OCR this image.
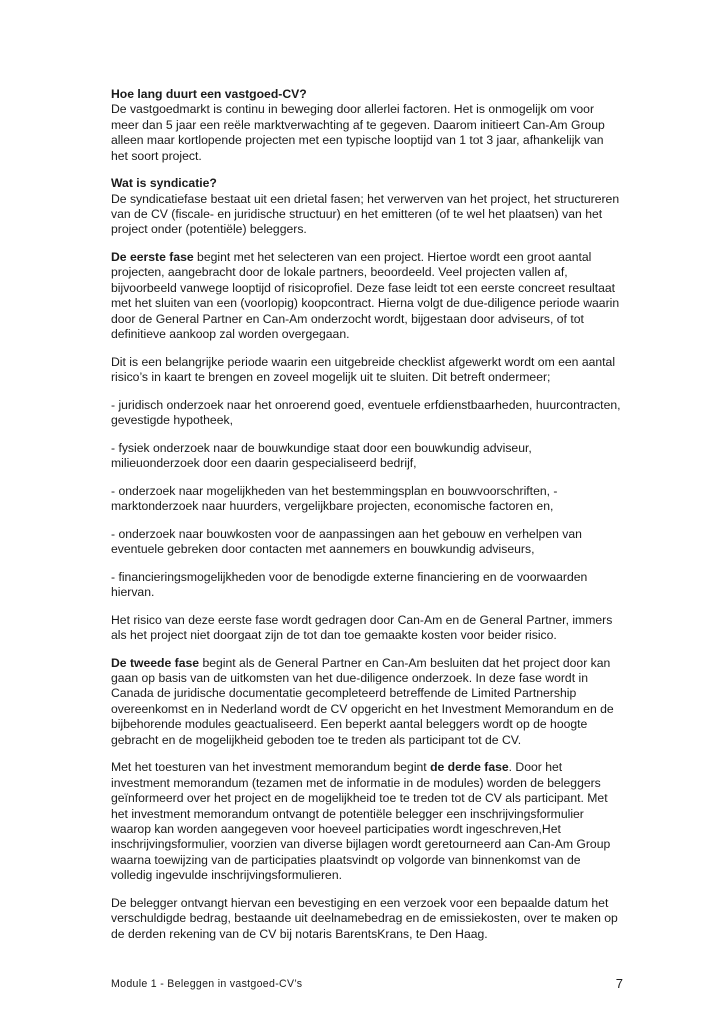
Hoe lang duurt een vastgoed-CV?
De vastgoedmarkt is continu in beweging door allerlei factoren. Het is onmogelijk om voor meer dan 5 jaar een reële marktverwachting af te gegeven. Daarom initieert Can-Am Group alleen maar kortlopende projecten met een typische looptijd van 1 tot 3 jaar, afhankelijk van het soort project.

Wat is syndicatie?
De syndicatiefase bestaat uit een drietal fasen; het verwerven van het project, het structureren van de CV (fiscale- en juridische structuur) en het emitteren (of te wel het plaatsen) van het project onder (potentiële) beleggers.

De eerste fase begint met het selecteren van een project. Hiertoe wordt een groot aantal projecten, aangebracht door de lokale partners, beoordeeld. Veel projecten vallen af, bijvoorbeeld vanwege looptijd of risicoprofiel. Deze fase leidt tot een eerste concreet resultaat met het sluiten van een (voorlopig) koopcontract. Hierna volgt de due-diligence periode waarin door de General Partner en Can-Am onderzocht wordt, bijgestaan door adviseurs, of tot definitieve aankoop zal worden overgegaan.

Dit is een belangrijke periode waarin een uitgebreide checklist afgewerkt wordt om een aantal risico’s in kaart te brengen en zoveel mogelijk uit te sluiten. Dit betreft ondermeer;

- juridisch onderzoek naar het onroerend goed, eventuele erfdienstbaarheden, huurcontracten, gevestigde hypotheek,

- fysiek onderzoek naar de bouwkundige staat door een bouwkundig adviseur, milieuonderzoek door een daarin gespecialiseerd bedrijf,

- onderzoek naar mogelijkheden van het bestemmingsplan en bouwvoorschriften, - marktonderzoek naar huurders, vergelijkbare projecten, economische factoren en,

- onderzoek naar bouwkosten voor de aanpassingen aan het gebouw en verhelpen van eventuele gebreken door contacten met aannemers en bouwkundig adviseurs,

- financieringsmogelijkheden voor de benodigde externe financiering en de voorwaarden hiervan.

Het risico van deze eerste fase wordt gedragen door Can-Am en de General Partner, immers als het project niet doorgaat zijn de tot dan toe gemaakte kosten voor beider risico.

De tweede fase begint als de General Partner en Can-Am besluiten dat het project door kan gaan op basis van de uitkomsten van het due-diligence onderzoek. In deze fase wordt in Canada de juridische documentatie gecompleteerd betreffende de Limited Partnership overeenkomst en in Nederland wordt de CV opgericht en het Investment Memorandum en de bijbehorende modules geactualiseerd. Een beperkt aantal beleggers wordt op de hoogte gebracht en de mogelijkheid geboden toe te treden als participant tot de CV.

Met het toesturen van het investment memorandum begint de derde fase. Door het investment memorandum (tezamen met de informatie in de modules) worden de beleggers geïnformeerd over het project en de mogelijkheid toe te treden tot de CV als participant. Met het investment memorandum ontvangt de potentiële belegger een inschrijvingsformulier waarop kan worden aangegeven voor hoeveel participaties wordt ingeschreven,Het inschrijvingsformulier, voorzien van diverse bijlagen wordt geretourneerd aan Can-Am Group waarna toewijzing van de participaties plaatsvindt op volgorde van binnenkomst van de volledig ingevulde inschrijvingsformulieren.

De belegger ontvangt hiervan een bevestiging en een verzoek voor een bepaalde datum het verschuldigde bedrag, bestaande uit deelnamebedrag en de emissiekosten, over te maken op de derden rekening van de CV bij notaris BarentsKrans, te Den Haag.

Module 1 - Beleggen in vastgoed-CV’s	7
